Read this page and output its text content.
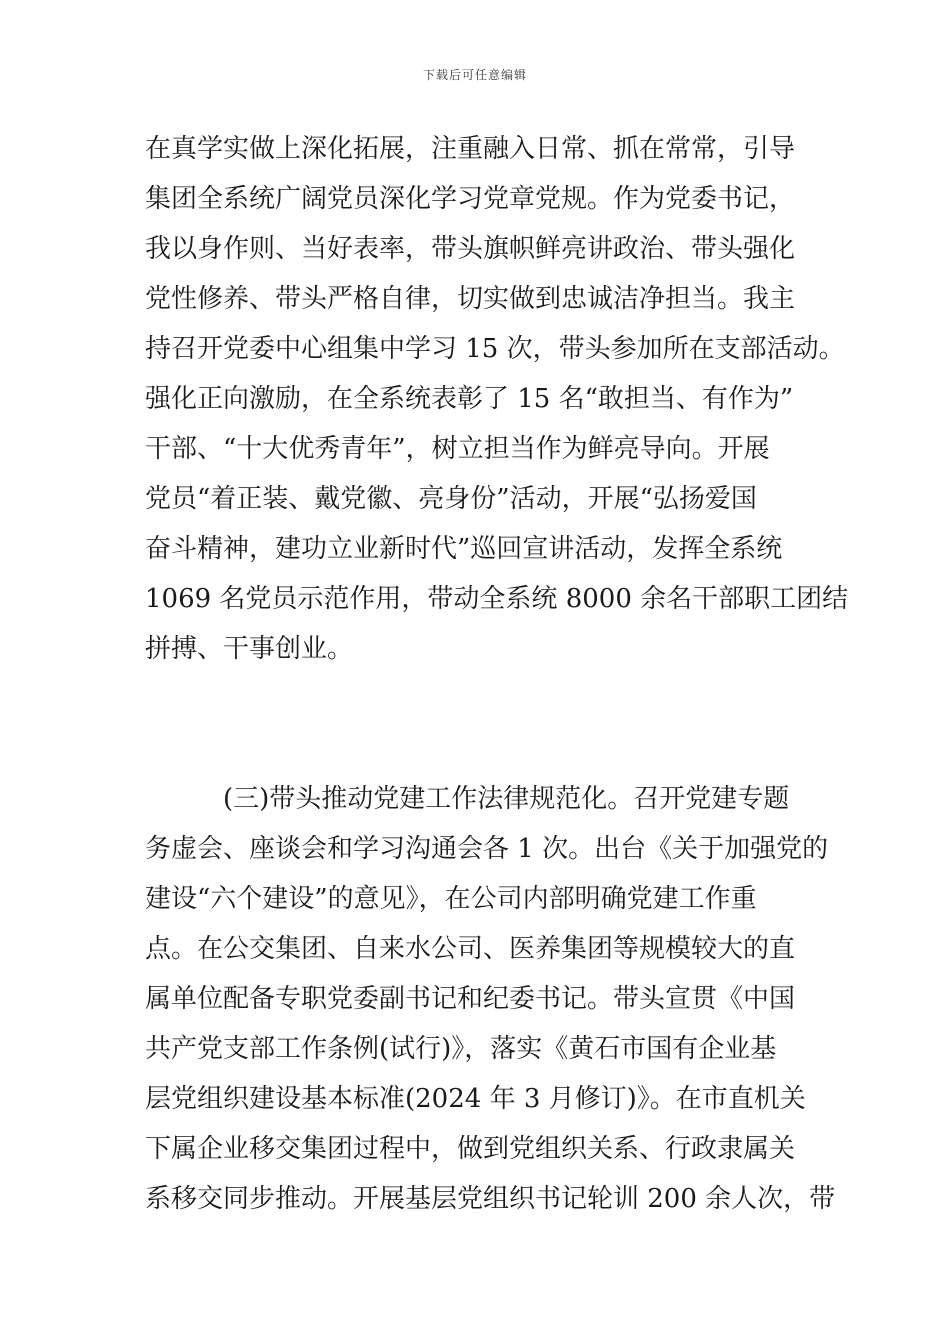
下载后可任意编辑
在真学实做上深化拓展，注重融入日常、抓在常常，引导
集团全系统广阔党员深化学习党章党规。作为党委书记，
我以身作则、当好表率，带头旗帜鲜亮讲政治、带头强化
党性修养、带头严格自律，切实做到忠诚洁净担当。我主
持召开党委中心组集中学习 15 次，带头参加所在支部活动。
强化正向激励，在全系统表彰了 15 名“敢担当、有作为”
干部、“十大优秀青年”，树立担当作为鲜亮导向。开展
党员“着正装、戴党徽、亮身份”活动，开展“弘扬爱国
奋斗精神，建功立业新时代”巡回宣讲活动，发挥全系统
1069 名党员示范作用，带动全系统 8000 余名干部职工团结
拼搏、干事创业。
　　　(三)带头推动党建工作法律规范化。召开党建专题
务虚会、座谈会和学习沟通会各 1 次。出台《关于加强党的
建设“六个建设”的意见》，在公司内部明确党建工作重
点。在公交集团、自来水公司、医养集团等规模较大的直
属单位配备专职党委副书记和纪委书记。带头宣贯《中国
共产党支部工作条例(试行)》，落实《黄石市国有企业基
层党组织建设基本标准(2024 年 3 月修订)》。在市直机关
下属企业移交集团过程中，做到党组织关系、行政隶属关
系移交同步推动。开展基层党组织书记轮训 200 余人次，带
